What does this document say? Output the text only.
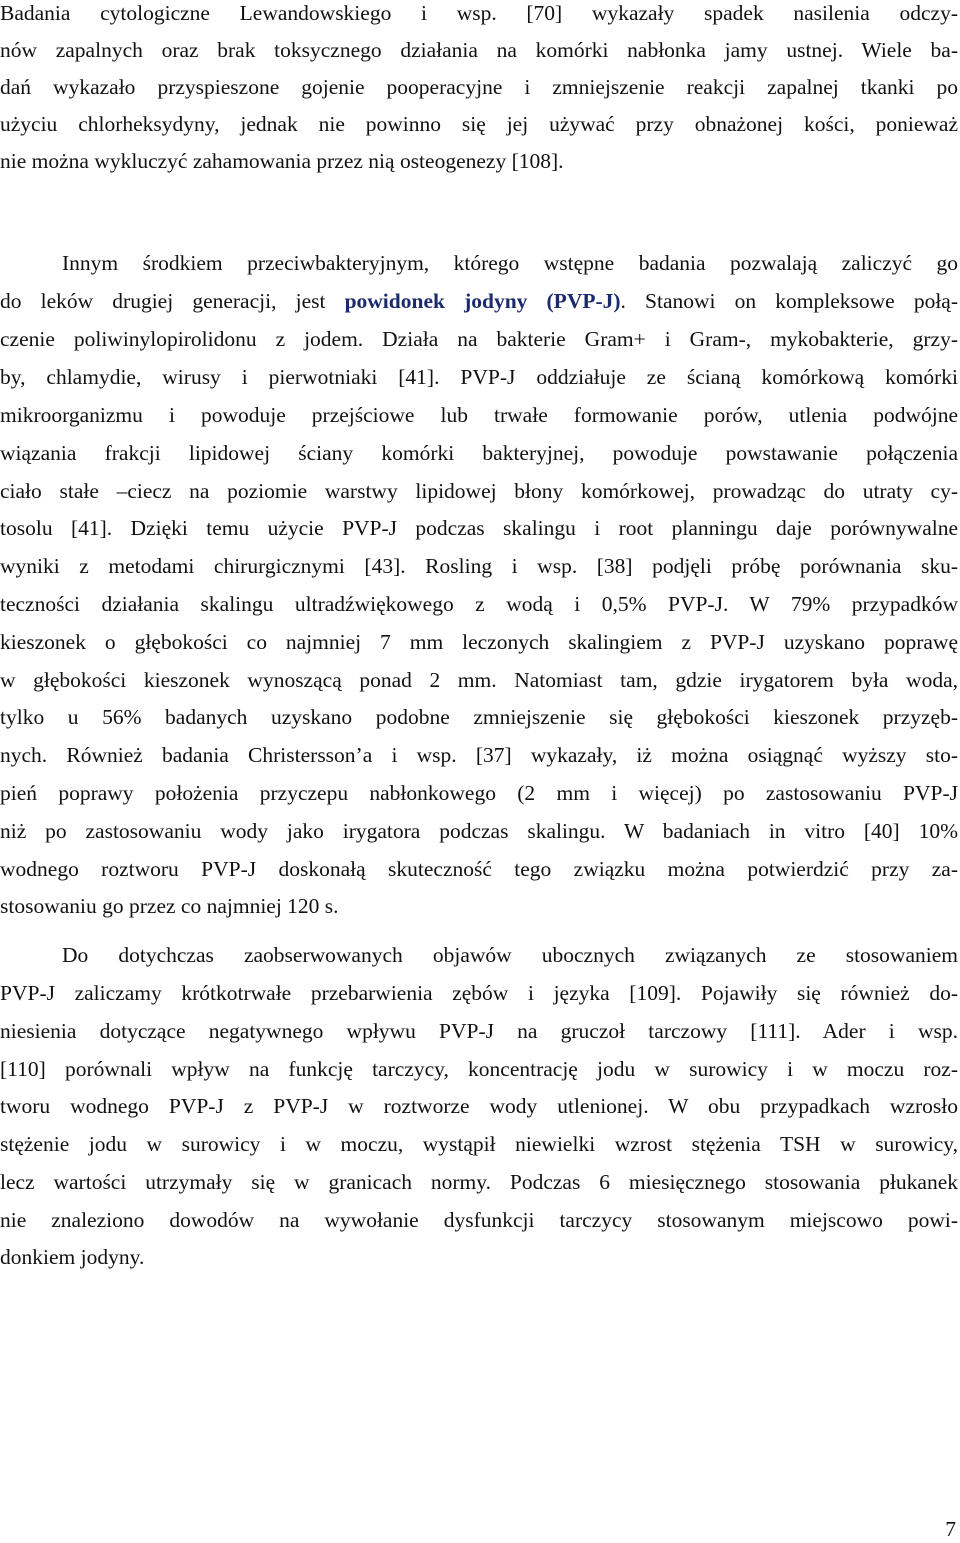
Badania cytologiczne Lewandowskiego i wsp. [70] wykazały spadek nasilenia odczy-
nów zapalnych oraz brak toksycznego działania na komórki nabłonka jamy ustnej. Wiele ba-
dań wykazało przyspieszone gojenie pooperacyjne i zmniejszenie reakcji zapalnej tkanki po
użyciu chlorheksydyny, jednak nie powinno się jej używać przy obnażonej kości, ponieważ
nie można wykluczyć zahamowania przez nią osteogenezy [108].
Innym środkiem przeciwbakteryjnym, którego wstępne badania pozwalają zaliczyć go
do leków drugiej generacji, jest powidonek jodyny (PVP-J). Stanowi on kompleksowe połą-
czenie poliwinylopirolidonu z jodem. Działa na bakterie Gram+ i Gram-, mykobakterie, grzy-
by, chlamydie, wirusy i pierwotniaki [41]. PVP-J oddziałuje ze ścianą komórkową komórki
mikroorganizmu i powoduje przejściowe lub trwałe formowanie porów, utlenia podwójne
wiązania frakcji lipidowej ściany komórki bakteryjnej, powoduje powstawanie połączenia
ciało stałe –ciecz na poziomie warstwy lipidowej błony komórkowej, prowadząc do utraty cy-
tosolu [41]. Dzięki temu użycie PVP-J podczas skalingu i root planningu daje porównywalne
wyniki z metodami chirurgicznymi [43]. Rosling i wsp. [38] podjęli próbę porównania sku-
teczności działania skalingu ultradźwiękowego z wodą i 0,5% PVP-J. W 79% przypadków
kieszonek o głębokości co najmniej 7 mm leczonych skalingiem z PVP-J uzyskano poprawę
w głębokości kieszonek wynoszącą ponad 2 mm. Natomiast tam, gdzie irygatorem była woda,
tylko u 56% badanych uzyskano podobne zmniejszenie się głębokości kieszonek przyzęb-
nych. Również badania Christersson’a i wsp. [37] wykazały, iż można osiągnąć wyższy sto-
pień poprawy położenia przyczepu nabłonkowego (2 mm i więcej) po zastosowaniu PVP-J
niż po zastosowaniu wody jako irygatora podczas skalingu. W badaniach in vitro [40] 10%
wodnego roztworu PVP-J doskonałą skuteczność tego związku można potwierdzić przy za-
stosowaniu go przez co najmniej 120 s.
Do dotychczas zaobserwowanych objawów ubocznych związanych ze stosowaniem
PVP-J zaliczamy krótkotrwałe przebarwienia zębów i języka [109]. Pojawiły się również do-
niesienia dotyczące negatywnego wpływu PVP-J na gruczoł tarczowy [111]. Ader i wsp.
[110] porównali wpływ na funkcję tarczycy, koncentrację jodu w surowicy i w moczu roz-
tworu wodnego PVP-J z PVP-J w roztworze wody utlenionej. W obu przypadkach wzrosło
stężenie jodu w surowicy i w moczu, wystąpił niewielki wzrost stężenia TSH w surowicy,
lecz wartości utrzymały się w granicach normy. Podczas 6 miesięcznego stosowania płukanek
nie znaleziono dowodów na wywołanie dysfunkcji tarczycy stosowanym miejscowo powi-
donkiem jodyny.
7
